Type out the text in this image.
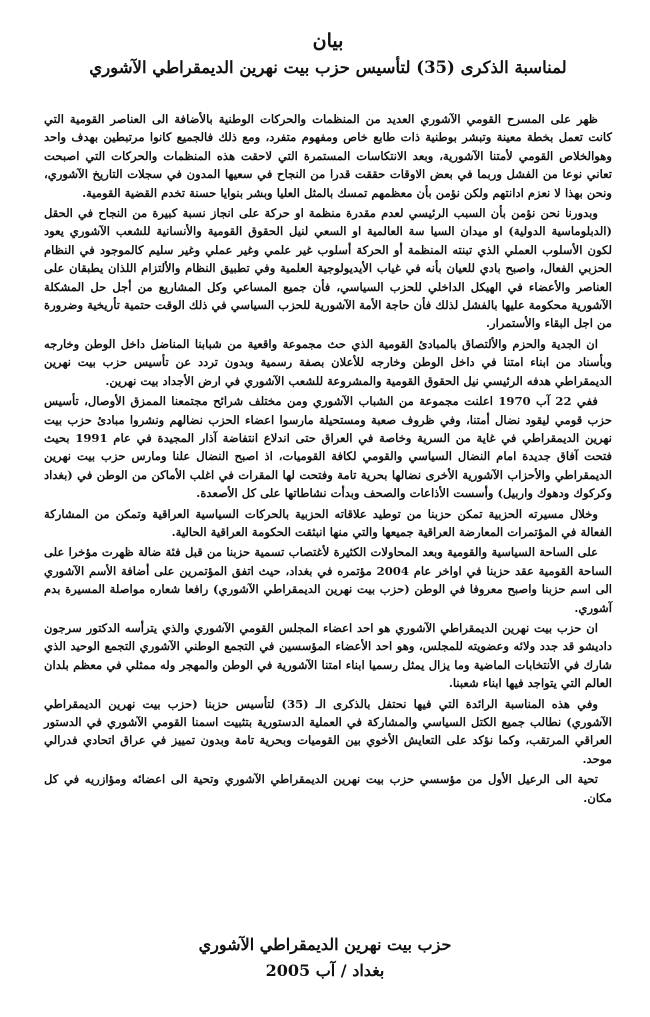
بيان
لمناسبة الذكرى (35) لتأسيس حزب بيت نهرين الديمقراطي الآشوري

ظهر على المسرح القومي الآشوري العديد من المنظمات والحركات الوطنية بالأضافة الى العناصر القومية التي كانت تعمل بخطة معينة وتبشر بوطنية ذات طابع خاص ومفهوم متفرد، ومع ذلك فالجميع كانوا مرتبطين بهدف واحد وهوالخلاص القومي لأمتنا الآشورية، وبعد الانتكاسات المستمرة التي لاحقت هذه المنظمات والحركات التي اصبحت تعاني نوعا من الفشل وربما في بعض الاوقات حققت قدرا من النجاح في سعيها المدون في سجلات التاريخ الآشوري، ونحن بهذا لا نعزم ادانتهم ولكن نؤمن بأن معظمهم تمسك بالمثل العليا وبشر بنوايا حسنة تخدم القضية القومية.

وبدورنا نحن نؤمن بأن السبب الرئيسي لعدم مقدرة منظمة او حركة على انجاز نسبة كبيرة من النجاح في الحقل (الدبلوماسية الدولية) او ميدان السيا سة العالمية او السعي لنيل الحقوق القومية والأنسانية للشعب الآشوري يعود لكون الأسلوب العملي الذي تبنته المنظمة أو الحركة أسلوب غير علمي وغير عملي وغير سليم كالموجود في النظام الحزبي الفعال، واصبح بادي للعيان بأنه في غياب الأيديولوجية العلمية وفي تطبيق النظام والألتزام اللذان يطبقان على العناصر والأعضاء في الهيكل الداخلي للحزب السياسي، فأن جميع المساعي وكل المشاريع من أجل حل المشكلة الآشورية محكومة عليها بالفشل لذلك فأن حاجة الأمة الآشورية للحزب السياسي في ذلك الوقت حتمية تأريخية وضرورة من اجل البقاء والأستمرار.

ان الجدية والحزم والألتصاق بالمبادئ القومية الذي حث مجموعة واقعية من شبابنا المناضل داخل الوطن وخارجه وبأسناد من ابناء امتنا في داخل الوطن وخارجه للأعلان بصفة رسمية وبدون تردد عن تأسيس حزب بيت نهرين الديمقراطي هدفه الرئيسي نيل الحقوق القومية والمشروعة للشعب الآشوري في ارض الأجداد بيت نهرين.

ففي 22 آب 1970 اعلنت مجموعة من الشباب الآشوري ومن مختلف شرائح مجتمعنا الممزق الأوصال، تأسيس حزب قومي ليقود نضال أمتنا، وفي ظروف صعبة ومستحيلة مارسوا اعضاء الحزب نضالهم ونشروا مبادئ حزب بيت نهرين الديمقراطي في غاية من السرية وخاصة في العراق حتى اندلاع انتفاضة آذار المجيدة في عام 1991 بحيث فتحت آفاق جديدة امام النضال السياسي والقومي لكافة القوميات، اذ اصبح النضال علنا ومارس حزب بيت نهرين الديمقراطي والأحزاب الآشورية الأخرى نضالها بحرية تامة وفتحت لها المقرات في اغلب الأماكن من الوطن في (بغداد وكركوك ودهوك واربيل) وأسست الأذاعات والصحف وبدأت نشاطاتها على كل الأصعدة.

وخلال مسيرته الحزبية تمكن حزبنا من توطيد علاقاته الحزبية بالحركات السياسية العراقية وتمكن من المشاركة الفعالة في المؤتمرات المعارضة العراقية جميعها والتي منها انبثقت الحكومة العراقية الحالية.

على الساحة السياسية والقومية وبعد المحاولات الكثيرة لأغتصاب تسمية حزبنا من قبل فئة ضالة ظهرت مؤخرا على الساحة القومية عقد حزبنا في اواخر عام 2004 مؤتمره في بغداد، حيث اتفق المؤتمرين على أضافة الأسم الآشوري الى اسم حزبنا واصبح معروفا في الوطن (حزب بيت نهرين الديمقراطي الآشوري) رافعا شعاره مواصلة المسيرة بدم آشوري.

ان حزب بيت نهرين الديمقراطي الآشوري هو احد اعضاء المجلس القومي الآشوري والذي يترأسه الدكتور سرجون داديشو قد جدد ولائه وعضويته للمجلس، وهو احد الأعضاء المؤسسين في التجمع الوطني الآشوري التجمع الوحيد الذي شارك في الأنتخابات الماضية وما يزال يمثل رسميا ابناء امتنا الآشورية في الوطن والمهجر وله ممثلي في معظم بلدان العالم التي يتواجد فيها ابناء شعبنا.

وفي هذه المناسبة الرائدة التي فيها نحتفل بالذكرى الـ (35) لتأسيس حزبنا (حزب بيت نهرين الديمقراطي الآشوري) نطالب جميع الكتل السياسي والمشاركة في العملية الدستورية بتثبيت اسمنا القومي الآشوري في الدستور العراقي المرتقب، وكما نؤكد على التعايش الأخوي بين القوميات وبحرية تامة وبدون تمييز في عراق اتحادي فدرالي موحد.

تحية الى الرعيل الأول من مؤسسي حزب بيت نهرين الديمقراطي الآشوري وتحية الى اعضائه ومؤازريه في كل مكان.

حزب بيت نهرين الديمقراطي الآشوري

بغداد / آب 2005
